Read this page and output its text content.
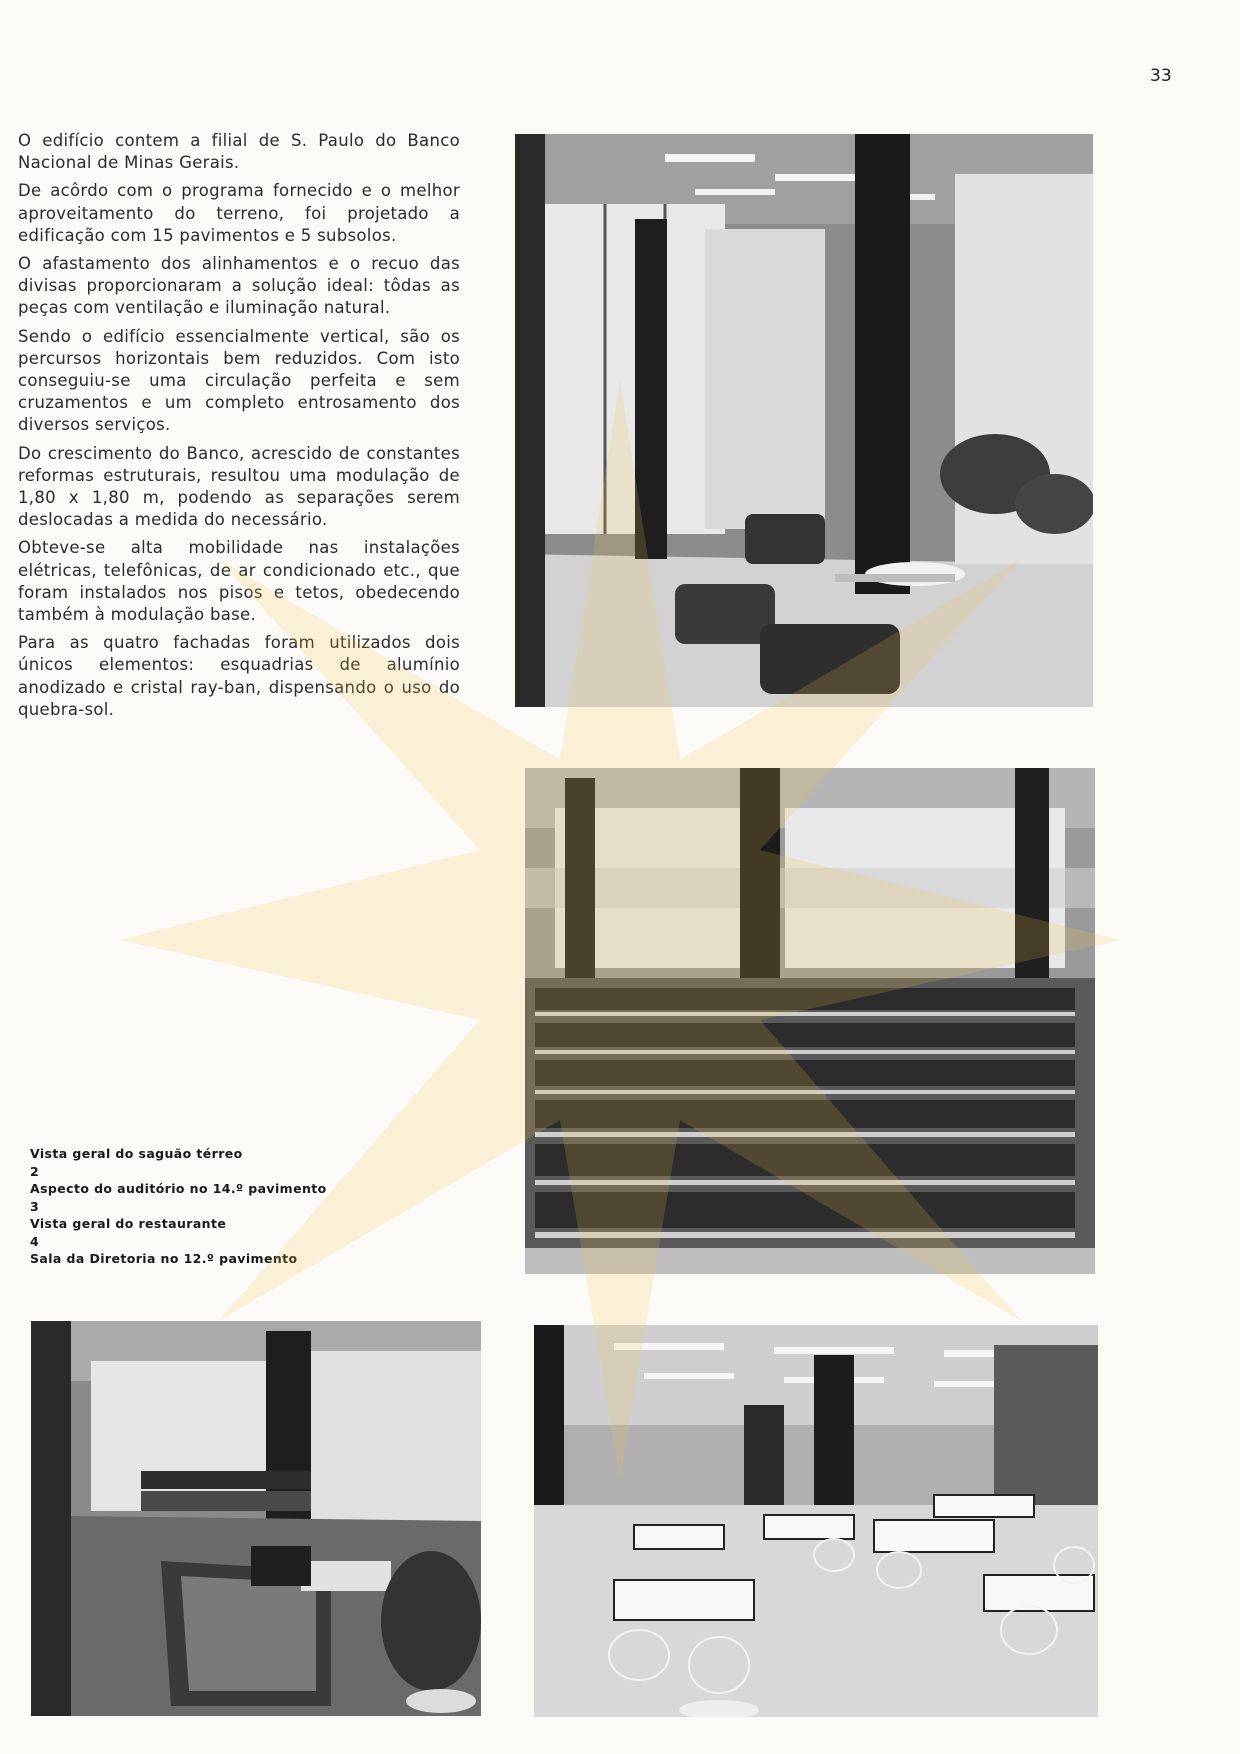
33

O edifício contem a filial de S. Paulo do Banco Nacional de Minas Gerais.

De acôrdo com o programa fornecido e o melhor aproveitamento do terreno, foi projetado a edificação com 15 pavimentos e 5 subsolos.

O afastamento dos alinhamentos e o recuo das divisas proporcionaram a solução ideal: tôdas as peças com ventilação e iluminação natural.

Sendo o edifício essencialmente vertical, são os percursos horizontais bem reduzidos. Com isto conseguiu-se uma circulação perfeita e sem cruzamentos e um completo entrosamento dos diversos serviços.

Do crescimento do Banco, acrescido de constantes reformas estruturais, resultou uma modulação de 1,80 x 1,80 m, podendo as separações serem deslocadas a medida do necessário.

Obteve-se alta mobilidade nas instalações elétricas, telefônicas, de ar condicionado etc., que foram instalados nos pisos e tetos, obedecendo também à modulação base.

Para as quatro fachadas foram utilizados dois únicos elementos: esquadrias de alumínio anodizado e cristal ray-ban, dispensando o uso do quebra-sol.

Vista geral do saguão térreo
2
Aspecto do auditório no 14.º pavimento
3
Vista geral do restaurante
4
Sala da Diretoria no 12.º pavimento
